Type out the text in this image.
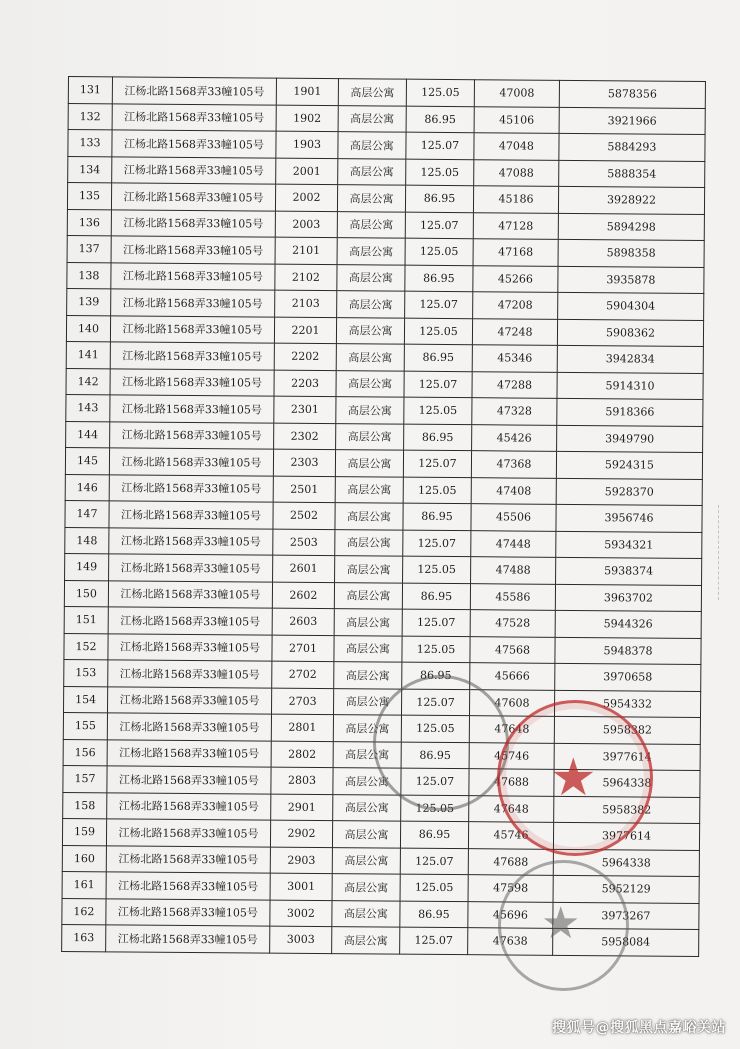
131	江杨北路1568弄33幢105号	1901	高层公寓	125.05	47008	5878356
132	江杨北路1568弄33幢105号	1902	高层公寓	86.95	45106	3921966
133	江杨北路1568弄33幢105号	1903	高层公寓	125.07	47048	5884293
134	江杨北路1568弄33幢105号	2001	高层公寓	125.05	47088	5888354
135	江杨北路1568弄33幢105号	2002	高层公寓	86.95	45186	3928922
136	江杨北路1568弄33幢105号	2003	高层公寓	125.07	47128	5894298
137	江杨北路1568弄33幢105号	2101	高层公寓	125.05	47168	5898358
138	江杨北路1568弄33幢105号	2102	高层公寓	86.95	45266	3935878
139	江杨北路1568弄33幢105号	2103	高层公寓	125.07	47208	5904304
140	江杨北路1568弄33幢105号	2201	高层公寓	125.05	47248	5908362
141	江杨北路1568弄33幢105号	2202	高层公寓	86.95	45346	3942834
142	江杨北路1568弄33幢105号	2203	高层公寓	125.07	47288	5914310
143	江杨北路1568弄33幢105号	2301	高层公寓	125.05	47328	5918366
144	江杨北路1568弄33幢105号	2302	高层公寓	86.95	45426	3949790
145	江杨北路1568弄33幢105号	2303	高层公寓	125.07	47368	5924315
146	江杨北路1568弄33幢105号	2501	高层公寓	125.05	47408	5928370
147	江杨北路1568弄33幢105号	2502	高层公寓	86.95	45506	3956746
148	江杨北路1568弄33幢105号	2503	高层公寓	125.07	47448	5934321
149	江杨北路1568弄33幢105号	2601	高层公寓	125.05	47488	5938374
150	江杨北路1568弄33幢105号	2602	高层公寓	86.95	45586	3963702
151	江杨北路1568弄33幢105号	2603	高层公寓	125.07	47528	5944326
152	江杨北路1568弄33幢105号	2701	高层公寓	125.05	47568	5948378
153	江杨北路1568弄33幢105号	2702	高层公寓	86.95	45666	3970658
154	江杨北路1568弄33幢105号	2703	高层公寓	125.07	47608	5954332
155	江杨北路1568弄33幢105号	2801	高层公寓	125.05	47648	5958382
156	江杨北路1568弄33幢105号	2802	高层公寓	86.95	45746	3977614
157	江杨北路1568弄33幢105号	2803	高层公寓	125.07	47688	5964338
158	江杨北路1568弄33幢105号	2901	高层公寓	125.05	47648	5958382
159	江杨北路1568弄33幢105号	2902	高层公寓	86.95	45746	3977614
160	江杨北路1568弄33幢105号	2903	高层公寓	125.07	47688	5964338
161	江杨北路1568弄33幢105号	3001	高层公寓	125.05	47598	5952129
162	江杨北路1568弄33幢105号	3002	高层公寓	86.95	45696	3973267
163	江杨北路1568弄33幢105号	3003	高层公寓	125.07	47638	5958084
★
★
搜狐号@搜狐黑点嘉峪关站
